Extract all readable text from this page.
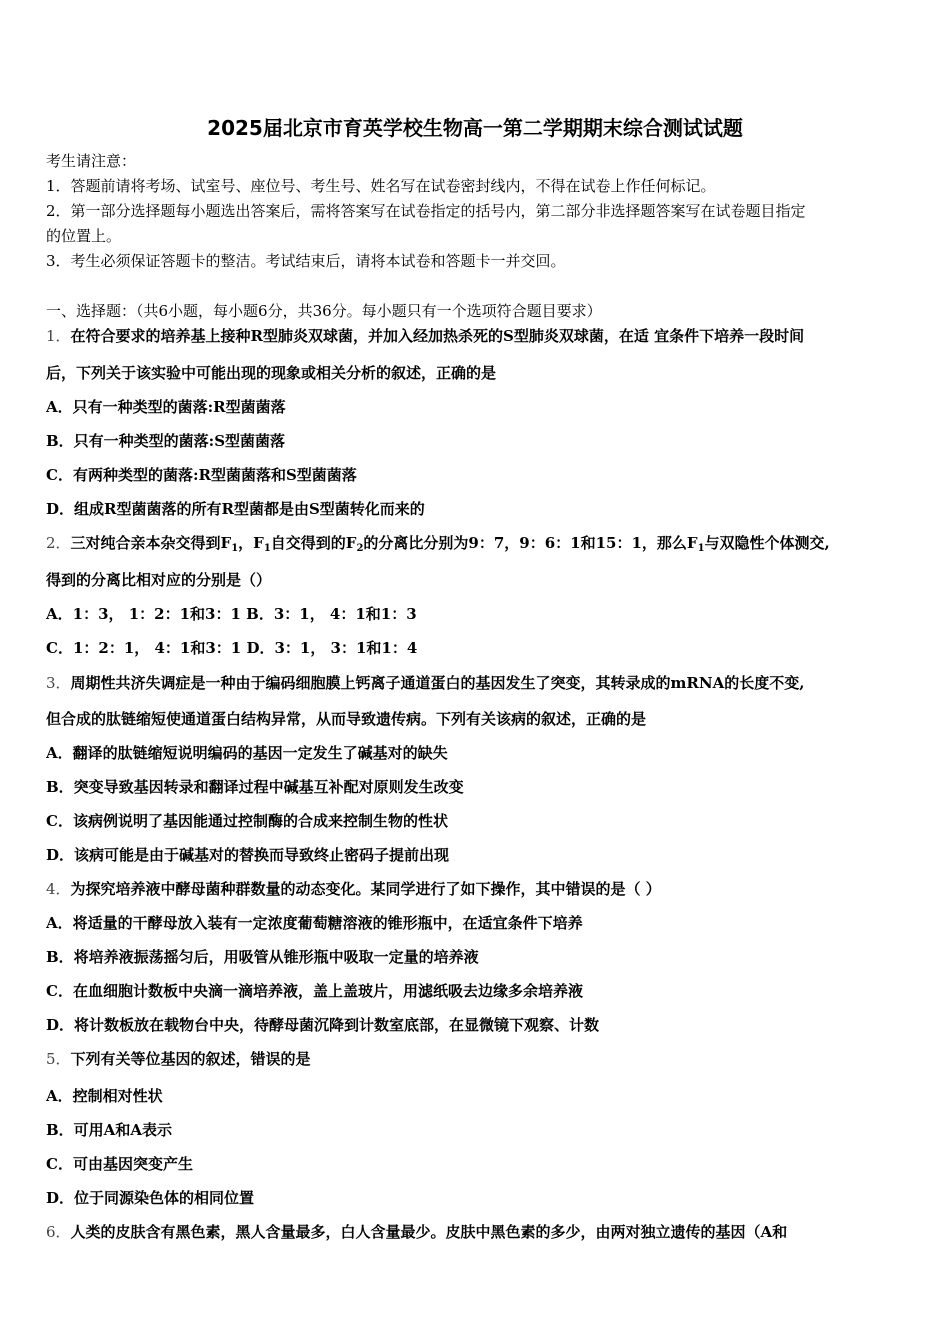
2025届北京市育英学校生物高一第二学期期末综合测试试题
考生请注意：
1．答题前请将考场、试室号、座位号、考生号、姓名写在试卷密封线内，不得在试卷上作任何标记。
2．第一部分选择题每小题选出答案后，需将答案写在试卷指定的括号内，第二部分非选择题答案写在试卷题目指定
的位置上。
3．考生必须保证答题卡的整洁。考试结束后，请将本试卷和答题卡一并交回。
一、选择题：（共6小题，每小题6分，共36分。每小题只有一个选项符合题目要求）
1．在符合要求的培养基上接种R型肺炎双球菌，并加入经加热杀死的S型肺炎双球菌，在适 宜条件下培养一段时间
后，下列关于该实验中可能出现的现象或相关分析的叙述，正确的是
A．只有一种类型的菌落:R型菌菌落
B．只有一种类型的菌落:S型菌菌落
C．有两种类型的菌落:R型菌菌落和S型菌菌落
D．组成R型菌菌落的所有R型菌都是由S型菌转化而来的
2．三对纯合亲本杂交得到$F_1$，$F_1$自交得到的$F_2$的分离比分别为9：7，9：6：1和15：1，那么$F_1$与双隐性个体测交,
得到的分离比相对应的分别是（）
A．1：3， 1：2：1和3：1 B．3：1， 4：1和1：3
C．1：2：1， 4：1和3：1 D．3：1， 3：1和1：4
3．周期性共济失调症是一种由于编码细胞膜上钙离子通道蛋白的基因发生了突变，其转录成的mRNA的长度不变,
但合成的肽链缩短使通道蛋白结构异常，从而导致遗传病。下列有关该病的叙述，正确的是
A．翻译的肽链缩短说明编码的基因一定发生了碱基对的缺失
B．突变导致基因转录和翻译过程中碱基互补配对原则发生改变
C．该病例说明了基因能通过控制酶的合成来控制生物的性状
D．该病可能是由于碱基对的替换而导致终止密码子提前出现
4．为探究培养液中酵母菌种群数量的动态变化。某同学进行了如下操作，其中错误的是（ ）
A．将适量的干酵母放入装有一定浓度葡萄糖溶液的锥形瓶中，在适宜条件下培养
B．将培养液振荡摇匀后，用吸管从锥形瓶中吸取一定量的培养液
C．在血细胞计数板中央滴一滴培养液，盖上盖玻片，用滤纸吸去边缘多余培养液
D．将计数板放在载物台中央，待酵母菌沉降到计数室底部，在显微镜下观察、计数
5．下列有关等位基因的叙述，错误的是
A．控制相对性状
B．可用A和A表示
C．可由基因突变产生
D．位于同源染色体的相同位置
6．人类的皮肤含有黑色素，黑人含量最多，白人含量最少。皮肤中黑色素的多少，由两对独立遗传的基因（A和
